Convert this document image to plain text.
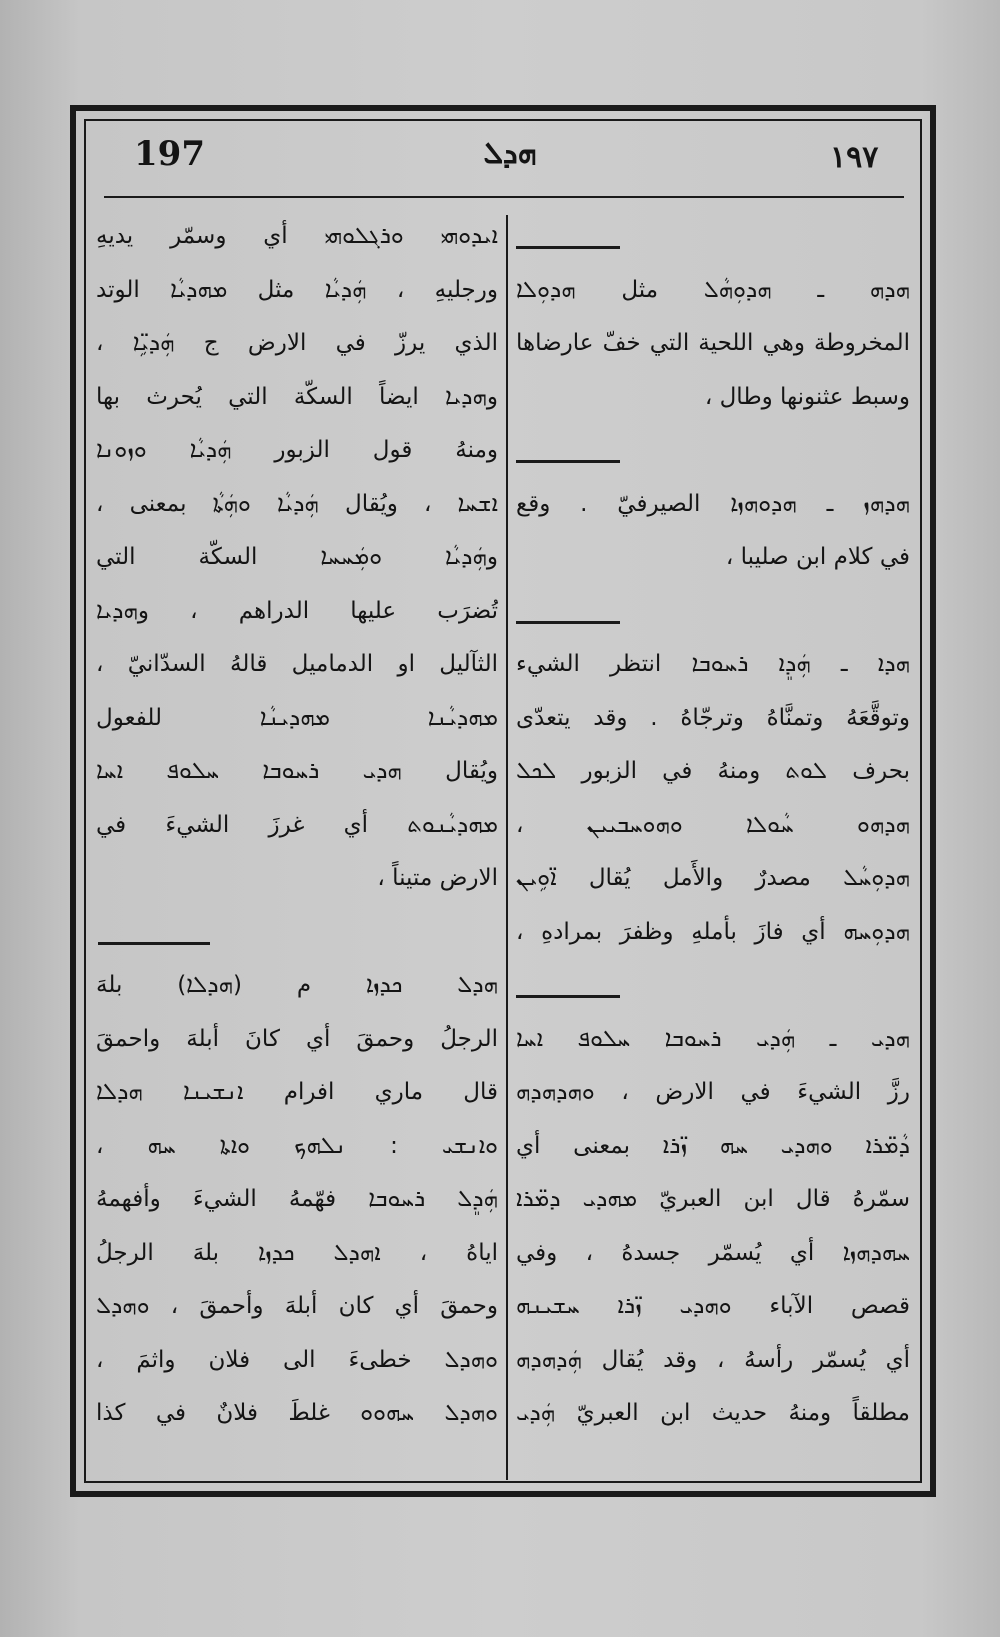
197	ܗܕܠ	١٩٧
ܗܕܗ ـ ܗܕܘܼܗܵܠ مثل ܗܕܘܼܠܐ
المخروطة وهي اللحية التي خفّ عارضاها
وسبط عثنونها وطال ،
ܗܕܗܙ ـ ܗܕܘܗܙܐ الصيرفيّ . وقع
في كلام ابن صليبا ،
ܗܕܐ ـ ܗܲܕܸܐ ܪܚܘܒܐ انتظر الشيء
وتوقَّعَهُ وتمنَّاهُ وترجّاهُ . وقد يتعدّى
بحرف ܠܘܬ ومنهُ في الزبور ܠܟܠ
ܗܕܗܘ ܚܵܘܠܐ ܘܗܘܚܒܝܝܢ ،
ܗܕܘܼܚܵܠ مصدرٌ والأَمل يُقال ܐ̈ܘܹܝܢ
ܗܕܘܼܚܗ أي فازَ بأملهِ وظفرَ بمرادهِ ،
ܗܕܝ ـ ܗܲܕܝ ܪܚܘܒܐ ܚܠܘܦ ܐܚܐ
رزَّ الشيءَ في الارض ، ܘܗܕܗܕܗ
ܕܵܡ̈ܪܐ ܘܗܕܝ ܚܗ ܙ̈ܪܐ بمعنى أي
سمّرهُ قال ابن العبريّ ܡܗܕܝ ܕܡ̈ܪܐ
ܚܗܕܗܙܐ أي يُسمّر جسدهُ ، وفي
قصص الآباء ܘܗܕܝ ܙ̈ܪܐ ܚܫܝܢܗ
أي يُسمّر رأسهُ ، وقد يُقال ܗܲܕܗܕܗ
مطلقاً ومنهُ حديث ابن العبريّ ܗܲܕܝ
ܐܝܕܘܗܝ ܘܪܓܠܘܗܝ أي وسمّر يديهِ
ورجليهِ ، ܗܲܕܝܵܐ مثل ܡܗܕܝܵܐ الوتد
الذي يرزّ في الارض ج ܗܲܕܝܹ̈ܐ ،
وܗܕܝܐ ايضاً السكّة التي يُحرث بها
ومنهُ قول الزبور ܗܲܕܝܵܐ ܘܙܘܢܐ
ܐܫܚܐ ، ويُقال ܗܲܕܝܵܐ ܘܗܲܬܵܐ بمعنى ،
وܗܲܕܝܵܐ ܘܡܲܚܚܐ السكّة التي
تُضرَب عليها الدراهم ، وܗܕܝܐ
الثآليل او الدماميل قالهُ السدّانيّ ،
ܡܗܕܝܵܢܐ ܡܗܕܝܢܵܐ للفعول
ويُقال ܗܕܝ ܪܚܘܒܐ ܚܠܘܦ ܐܚܐ
ܡܗܕܝܵܢܘܬ أي غرزَ الشيءَ في
الارض متيناً ،
ܗܕܠ ܟܕܙܐ م (ܗܕܠܐ) بلهَ
الرجلُ وحمقَ أي كانَ أبلهَ واحمقَ
قال ماري افرام ܐܢܫܝܢܐ ܗܕܠܐ
ܘܐܢܫܝ : ܢܠܗܟ ܘܐܬܐ ܚܗ ،
ܗܲܕܸܠ ܪܚܘܒܐ فهّمهُ الشيءَ وأفهمهُ
اياهُ ، ܐܗܕܠ ܟܕܙܐ بلهَ الرجلُ
وحمقَ أي كان أبلهَ وأحمقَ ، ܘܗܕܠ
ܘܗܕܠ خطىءَ الى فلان واثمَ ،
ܘܗܕܠ ܚܗܘܘ غلطَ فلانٌ في كذا
